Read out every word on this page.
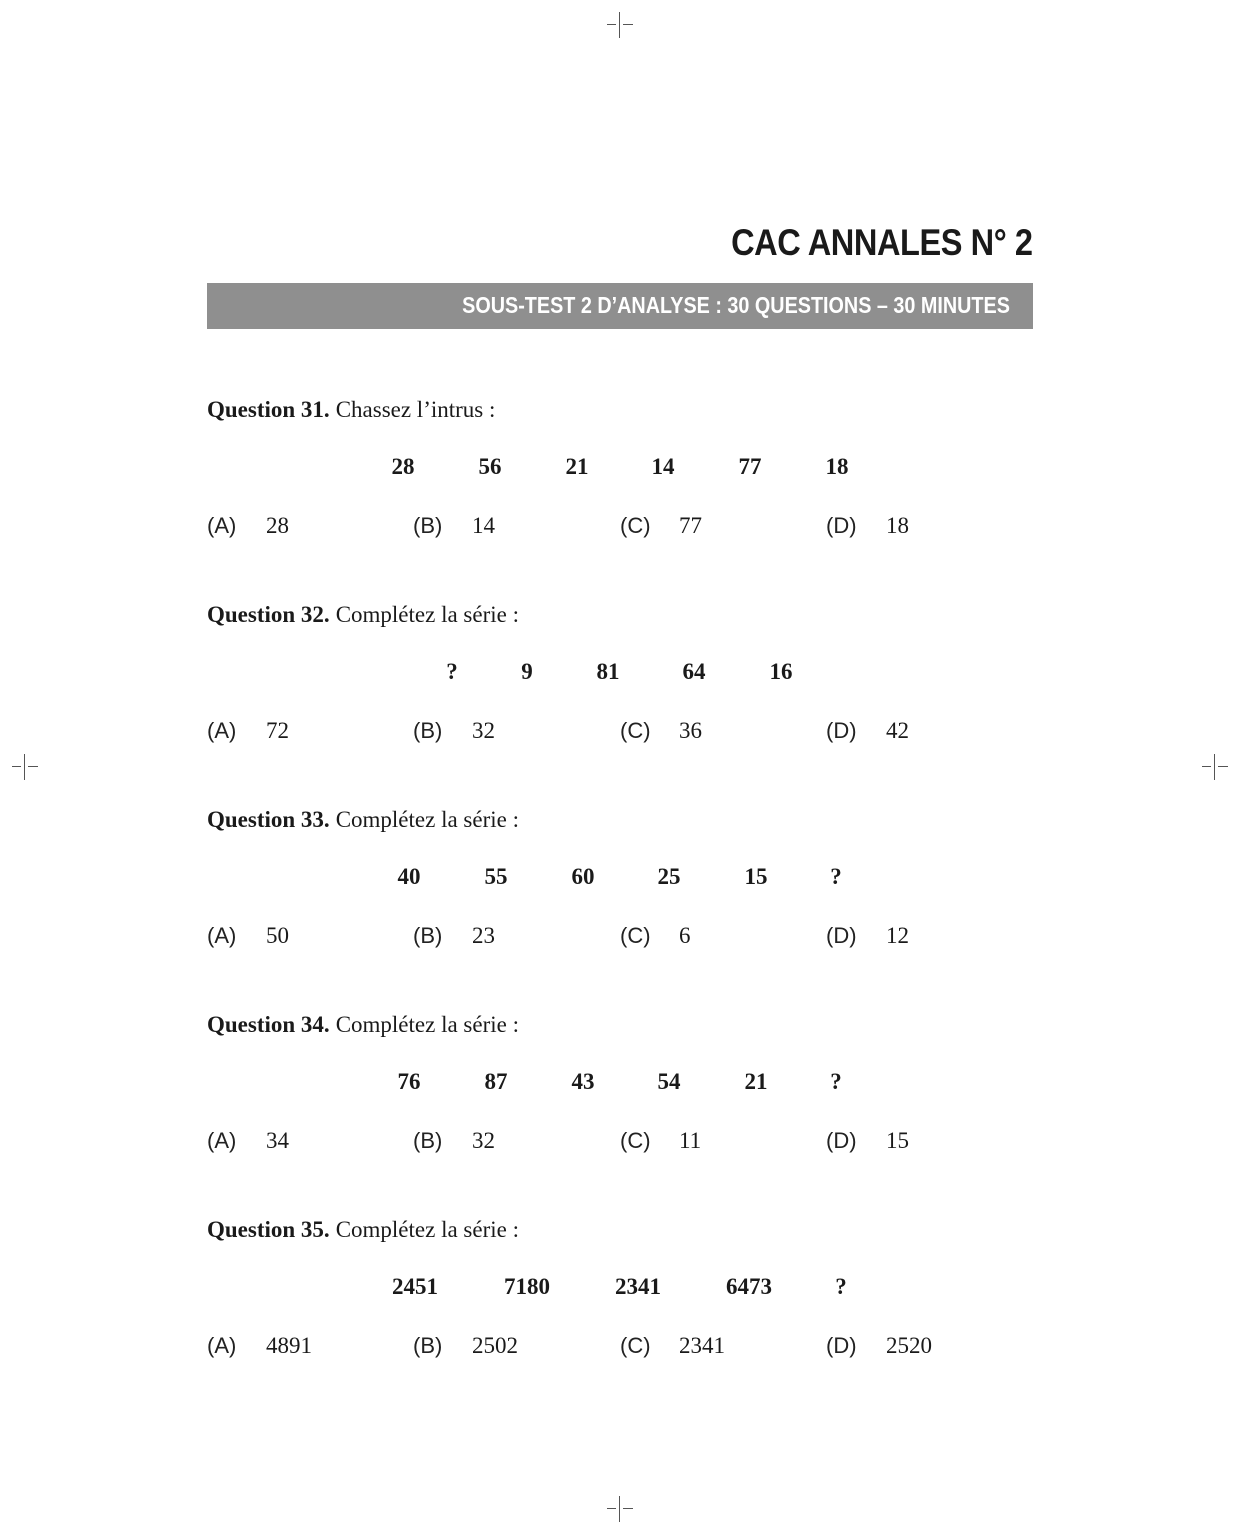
CAC ANNALES N° 2
SOUS-TEST 2 D’ANALYSE : 30 QUESTIONS – 30 MINUTES
Question 31. Chassez l’intrus :
28	56	21	14	77	18
(A) 28	(B) 14	(C) 77	(D) 18
Question 32. Complétez la série :
?	9	81	64	16
(A) 72	(B) 32	(C) 36	(D) 42
Question 33. Complétez la série :
40	55	60	25	15	?
(A) 50	(B) 23	(C) 6	(D) 12
Question 34. Complétez la série :
76	87	43	54	21	?
(A) 34	(B) 32	(C) 11	(D) 15
Question 35. Complétez la série :
2451	7180	2341	6473	?
(A) 4891	(B) 2502	(C) 2341	(D) 2520
